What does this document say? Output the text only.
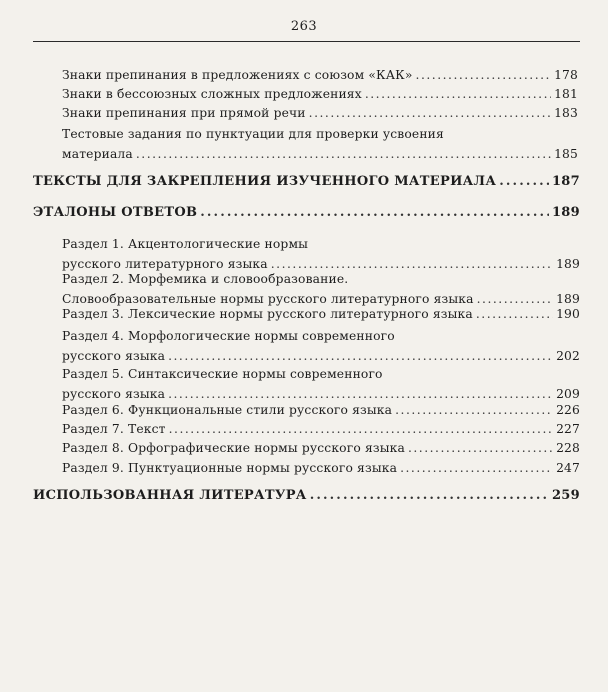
263
Знаки препинания в предложениях с союзом «КАК» . . .	178
Знаки в бессоюзных сложных предложениях . . .	181
Знаки препинания при прямой речи . . .	183
Тестовые задания по пунктуации для проверки усвоения
материала . . .	185
ТЕКСТЫ ДЛЯ ЗАКРЕПЛЕНИЯ ИЗУЧЕННОГО МАТЕРИАЛА . . .	187
ЭТАЛОНЫ ОТВЕТОВ . . .	189
Раздел 1. Акцентологические нормы
русского литературного языка . . .	189
Раздел 2. Морфемика и словообразование.
Словообразовательные нормы русского литературного языка . . .	189
Раздел 3. Лексические нормы русского литературного языка . . .	190
Раздел 4. Морфологические нормы современного
русского языка . . .	202
Раздел 5. Синтаксические нормы современного
русского языка . . .	209
Раздел 6. Функциональные стили русского языка . . .	226
Раздел 7. Текст . . .	227
Раздел 8. Орфографические нормы русского языка . . .	228
Раздел 9. Пунктуационные нормы русского языка . . .	247
ИСПОЛЬЗОВАННАЯ ЛИТЕРАТУРА . . .	259
